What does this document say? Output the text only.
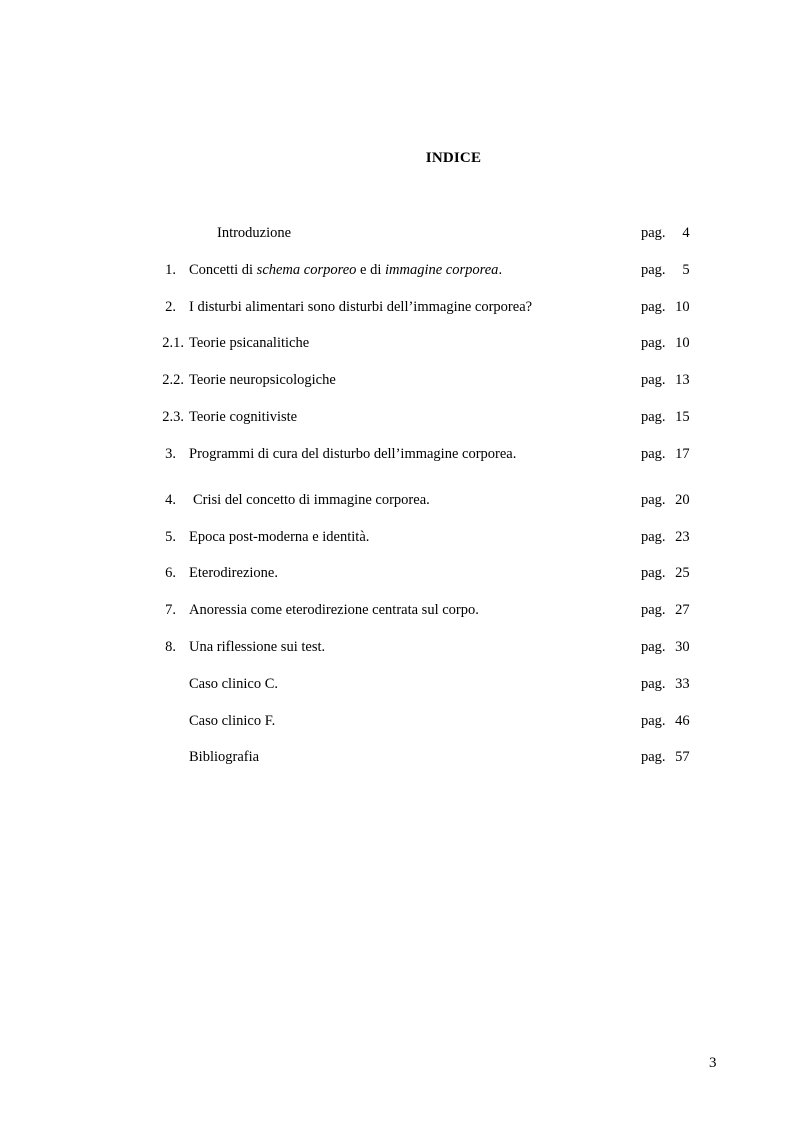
INDICE
Introduzione	pag. 4
1. Concetti di schema corporeo e di immagine corporea.	pag. 5
2. I disturbi alimentari sono disturbi dell’immagine corporea?	pag. 10
2.1. Teorie psicanalitiche	pag. 10
2.2. Teorie neuropsicologiche	pag. 13
2.3. Teorie cognitiviste	pag. 15
3. Programmi di cura del disturbo dell’immagine corporea.	pag. 17
4. Crisi del concetto di immagine corporea.	pag. 20
5. Epoca post-moderna e identità.	pag. 23
6. Eterodirezione.	pag. 25
7. Anoressia come eterodirezione centrata sul corpo.	pag. 27
8. Una riflessione sui test.	pag. 30
Caso clinico C.	pag. 33
Caso clinico F.	pag. 46
Bibliografia	pag. 57
3
